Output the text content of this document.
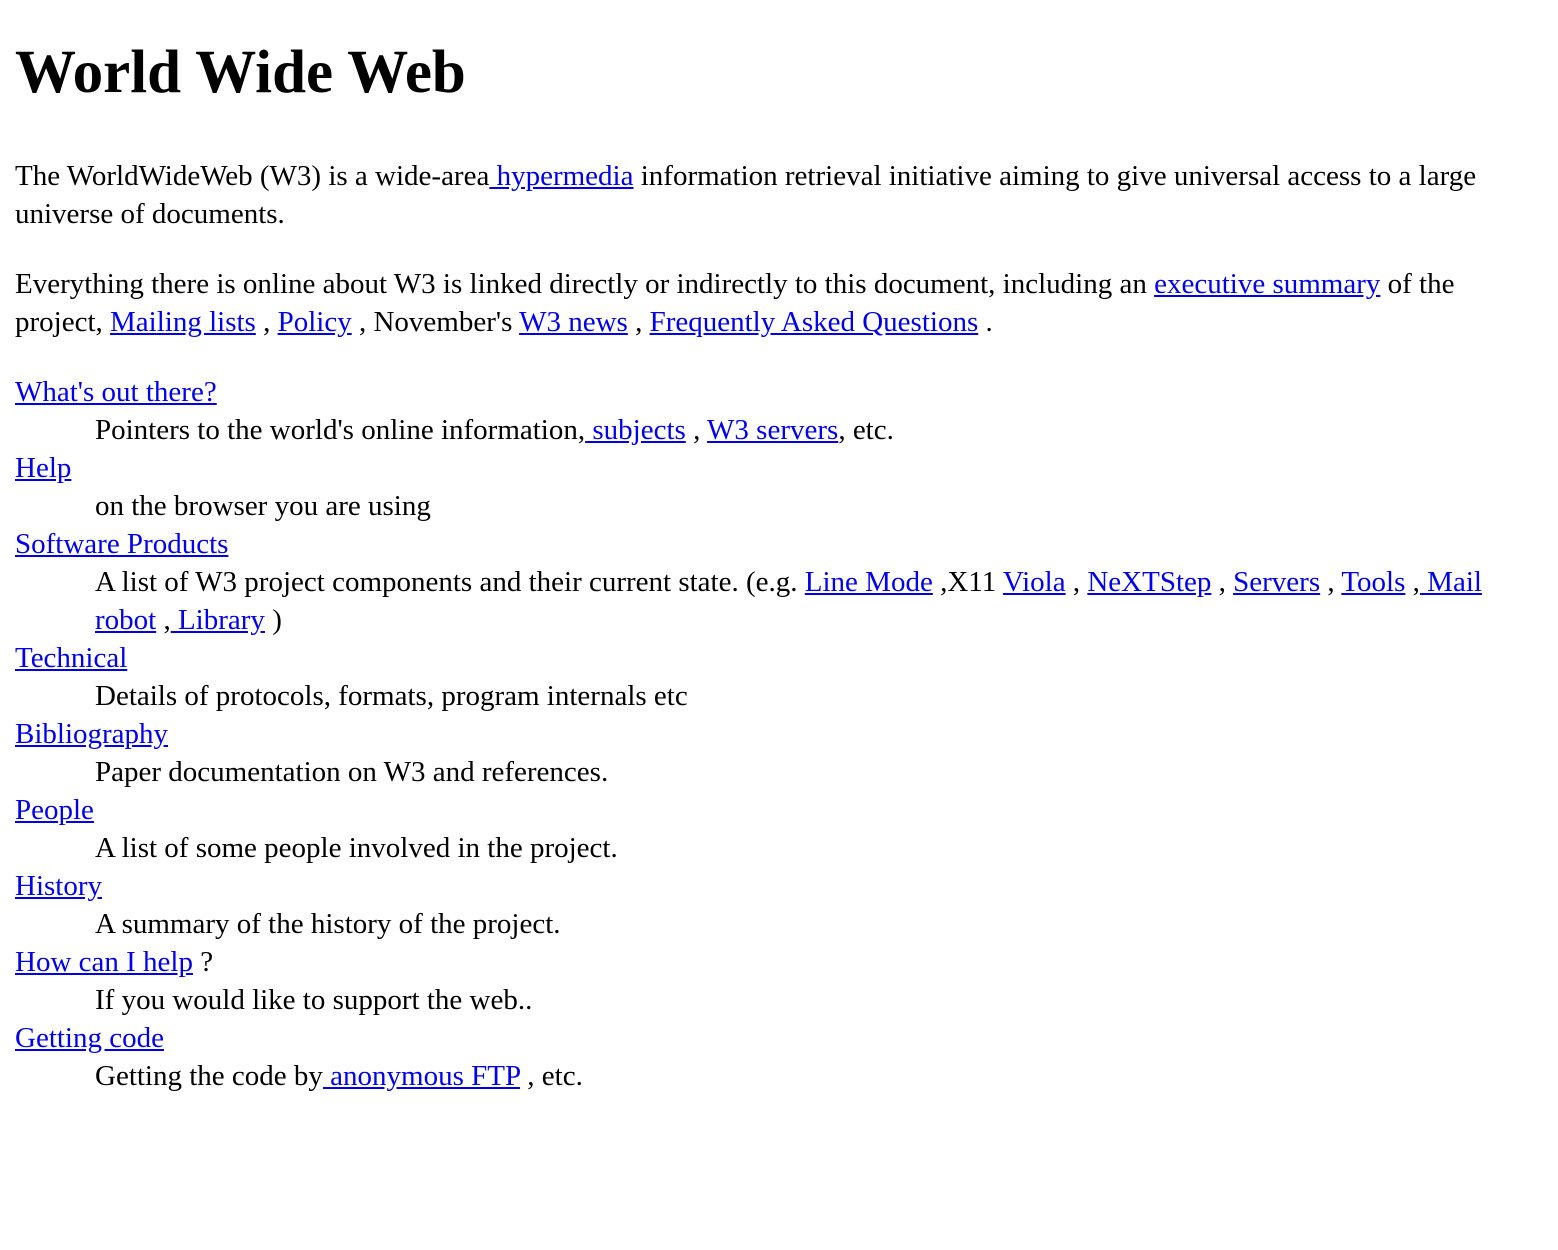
World Wide Web

The WorldWideWeb (W3) is a wide-area hypermedia information retrieval initiative aiming to give universal access to a large universe of documents.

Everything there is online about W3 is linked directly or indirectly to this document, including an executive summary of the project, Mailing lists , Policy , November's W3 news , Frequently Asked Questions .

What's out there?
Pointers to the world's online information, subjects , W3 servers, etc.
Help
on the browser you are using
Software Products
A list of W3 project components and their current state. (e.g. Line Mode ,X11 Viola , NeXTStep , Servers , Tools , Mail robot , Library )
Technical
Details of protocols, formats, program internals etc
Bibliography
Paper documentation on W3 and references.
People
A list of some people involved in the project.
History
A summary of the history of the project.
How can I help ?
If you would like to support the web..
Getting code
Getting the code by anonymous FTP , etc.
